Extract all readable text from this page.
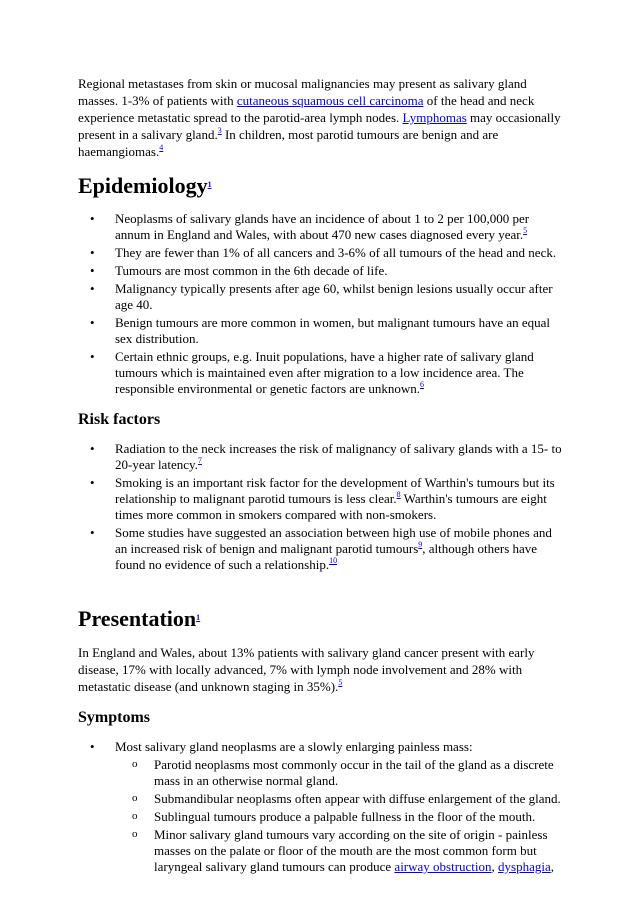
Regional metastases from skin or mucosal malignancies may present as salivary gland masses. 1-3% of patients with cutaneous squamous cell carcinoma of the head and neck experience metastatic spread to the parotid-area lymph nodes. Lymphomas may occasionally present in a salivary gland.$^3$ In children, most parotid tumours are benign and are haemangiomas.$^4$

Epidemiology$^1$
• Neoplasms of salivary glands have an incidence of about 1 to 2 per 100,000 per annum in England and Wales, with about 470 new cases diagnosed every year.$^5$
• They are fewer than 1% of all cancers and 3-6% of all tumours of the head and neck.
• Tumours are most common in the 6th decade of life.
• Malignancy typically presents after age 60, whilst benign lesions usually occur after age 40.
• Benign tumours are more common in women, but malignant tumours have an equal sex distribution.
• Certain ethnic groups, e.g. Inuit populations, have a higher rate of salivary gland tumours which is maintained even after migration to a low incidence area. The responsible environmental or genetic factors are unknown.$^6$
Risk factors
• Radiation to the neck increases the risk of malignancy of salivary glands with a 15- to 20-year latency.$^7$
• Smoking is an important risk factor for the development of Warthin's tumours but its relationship to malignant parotid tumours is less clear.$^8$ Warthin's tumours are eight times more common in smokers compared with non-smokers.
• Some studies have suggested an association between high use of mobile phones and an increased risk of benign and malignant parotid tumours$^9$, although others have found no evidence of such a relationship.$^{10}$
Presentation$^1$

In England and Wales, about 13% patients with salivary gland cancer present with early disease, 17% with locally advanced, 7% with lymph node involvement and 28% with metastatic disease (and unknown staging in 35%).$^5$

Symptoms
• Most salivary gland neoplasms are a slowly enlarging painless mass:
o Parotid neoplasms most commonly occur in the tail of the gland as a discrete mass in an otherwise normal gland.
o Submandibular neoplasms often appear with diffuse enlargement of the gland.
o Sublingual tumours produce a palpable fullness in the floor of the mouth.
o Minor salivary gland tumours vary according on the site of origin - painless masses on the palate or floor of the mouth are the most common form but laryngeal salivary gland tumours can produce airway obstruction, dysphagia,
